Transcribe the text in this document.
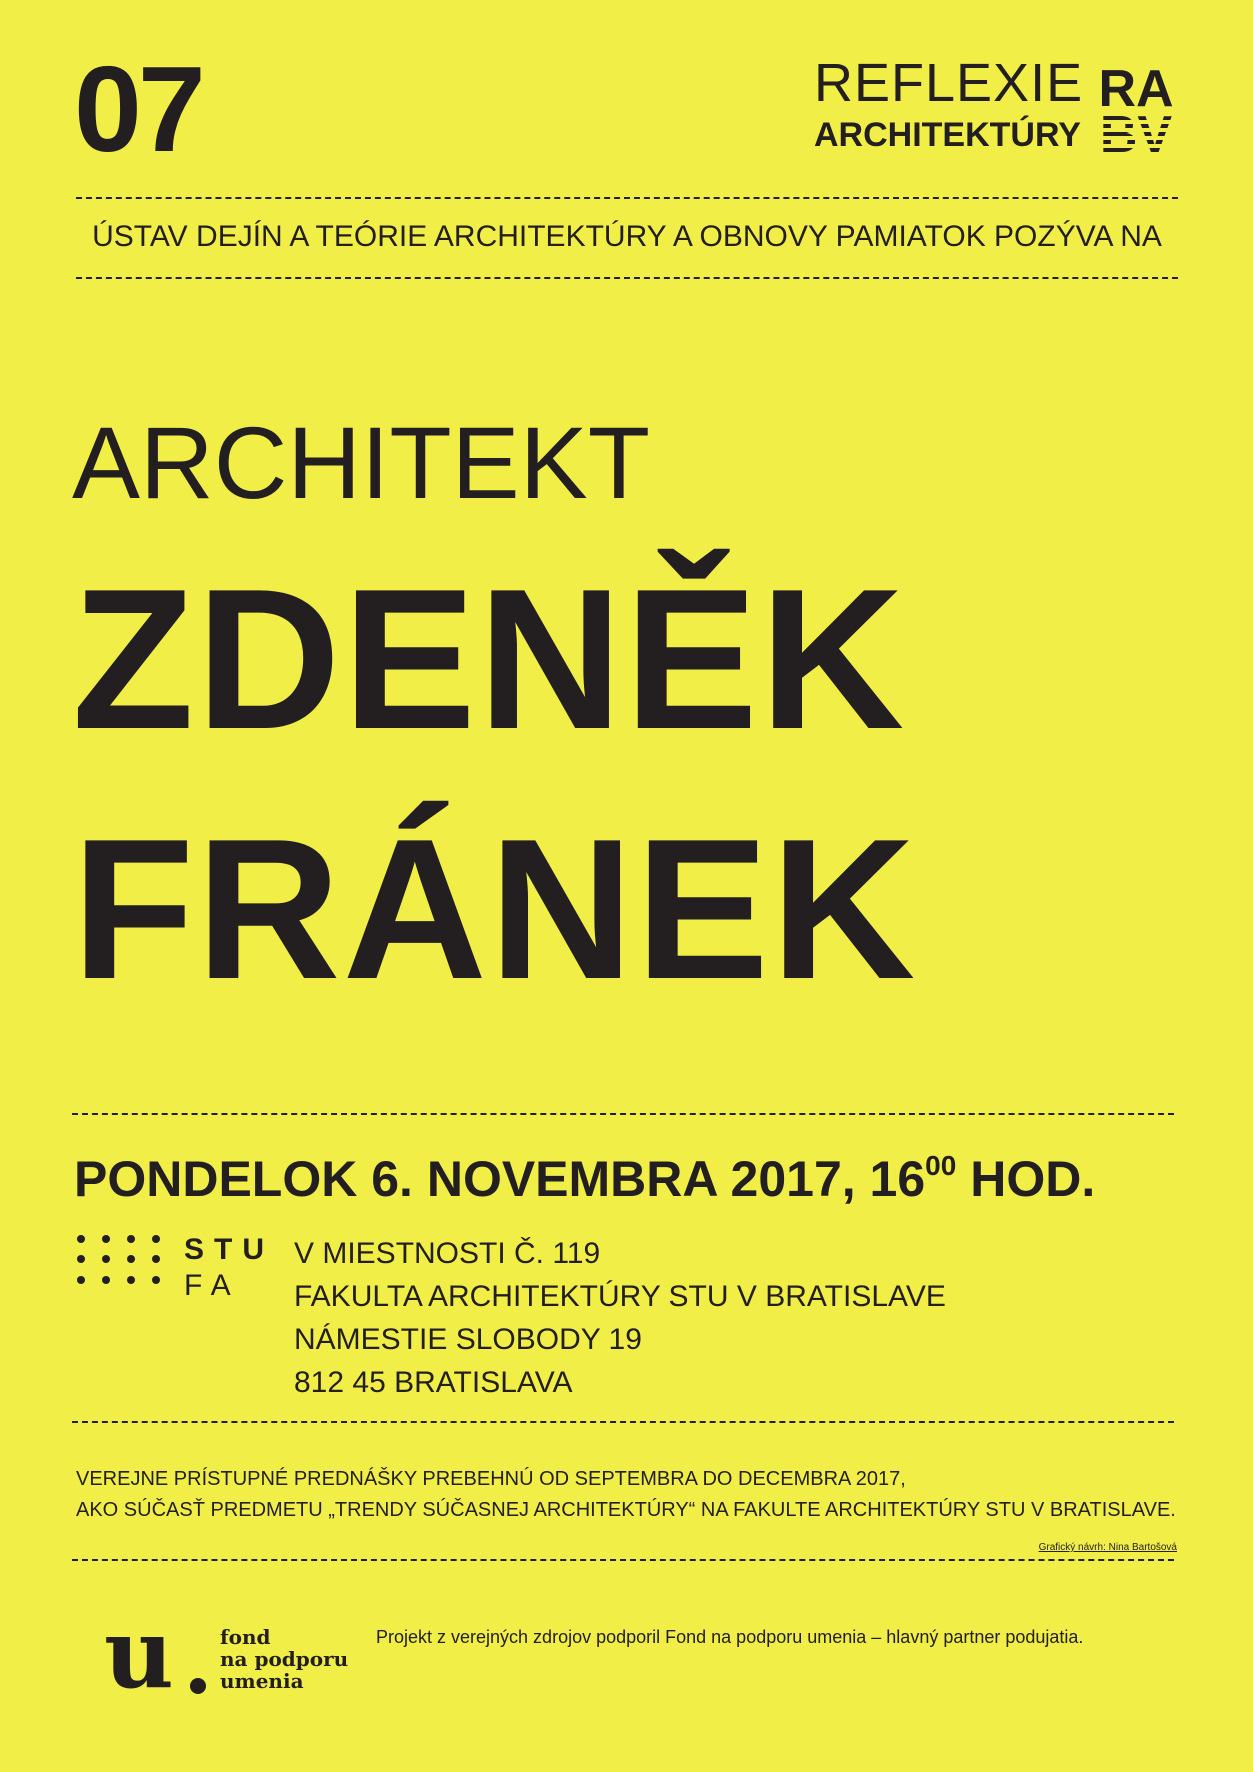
07	REFLEXIE
ARCHITEKTÚRY
RA
BV
ÚSTAV DEJÍN A TEÓRIE ARCHITEKTÚRY A OBNOVY PAMIATOK POZÝVA NA
ARCHITEKT
ZDENĚK
FRÁNEK
PONDELOK 6. NOVEMBRA 2017, $16^{00}$ HOD.
STU
FA
V MIESTNOSTI Č. 119
FAKULTA ARCHITEKTÚRY STU V BRATISLAVE
NÁMESTIE SLOBODY 19
812 45 BRATISLAVA
VEREJNE PRÍSTUPNÉ PREDNÁŠKY PREBEHNÚ OD SEPTEMBRA DO DECEMBRA 2017,
AKO SÚČASŤ PREDMETU „TRENDY SÚČASNEJ ARCHITEKTÚRY“ NA FAKULTE ARCHITEKTÚRY STU V BRATISLAVE.
Grafický návrh: Nina Bartošová
u fond
na podporu
umenia
Projekt z verejných zdrojov podporil Fond na podporu umenia – hlavný partner podujatia.
